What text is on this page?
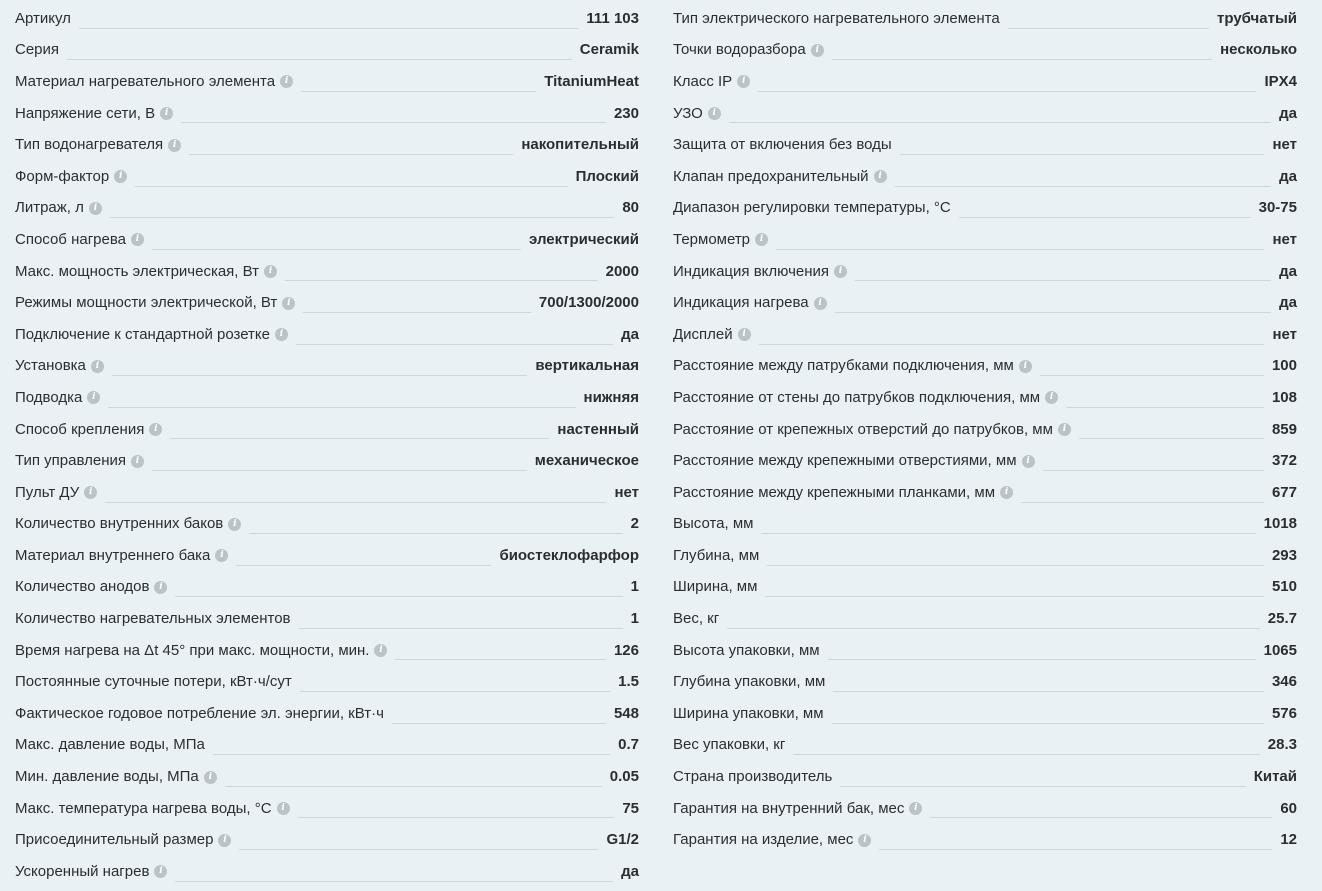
Артикул	111 103
Серия	Ceramik
Материал нагревательного элемента	i	TitaniumHeat
Напряжение сети, В	i	230
Тип водонагревателя	i	накопительный
Форм-фактор	i	Плоский
Литраж, л	i	80
Способ нагрева	i	электрический
Макс. мощность электрическая, Вт	i	2000
Режимы мощности электрической, Вт	i	700/1300/2000
Подключение к стандартной розетке	i	да
Установка	i	вертикальная
Подводка	i	нижняя
Способ крепления	i	настенный
Тип управления	i	механическое
Пульт ДУ	i	нет
Количество внутренних баков	i	2
Материал внутреннего бака	i	биостеклофарфор
Количество анодов	i	1
Количество нагревательных элементов	1
Время нагрева на Δt 45° при макс. мощности, мин.	i	126
Постоянные суточные потери, кВт·ч/сут	1.5
Фактическое годовое потребление эл. энергии, кВт·ч	548
Макс. давление воды, МПа	0.7
Мин. давление воды, МПа	i	0.05
Макс. температура нагрева воды, °С	i	75
Присоединительный размер	i	G1/2
Ускоренный нагрев	i	да
Тип электрического нагревательного элемента	трубчатый
Точки водоразбора	i	несколько
Класс IP	i	IPX4
УЗО	i	да
Защита от включения без воды	нет
Клапан предохранительный	i	да
Диапазон регулировки температуры, °С	30-75
Термометр	i	нет
Индикация включения	i	да
Индикация нагрева	i	да
Дисплей	i	нет
Расстояние между патрубками подключения, мм	i	100
Расстояние от стены до патрубков подключения, мм	i	108
Расстояние от крепежных отверстий до патрубков, мм	i	859
Расстояние между крепежными отверстиями, мм	i	372
Расстояние между крепежными планками, мм	i	677
Высота, мм	1018
Глубина, мм	293
Ширина, мм	510
Вес, кг	25.7
Высота упаковки, мм	1065
Глубина упаковки, мм	346
Ширина упаковки, мм	576
Вес упаковки, кг	28.3
Страна производитель	Китай
Гарантия на внутренний бак, мес	i	60
Гарантия на изделие, мес	i	12
